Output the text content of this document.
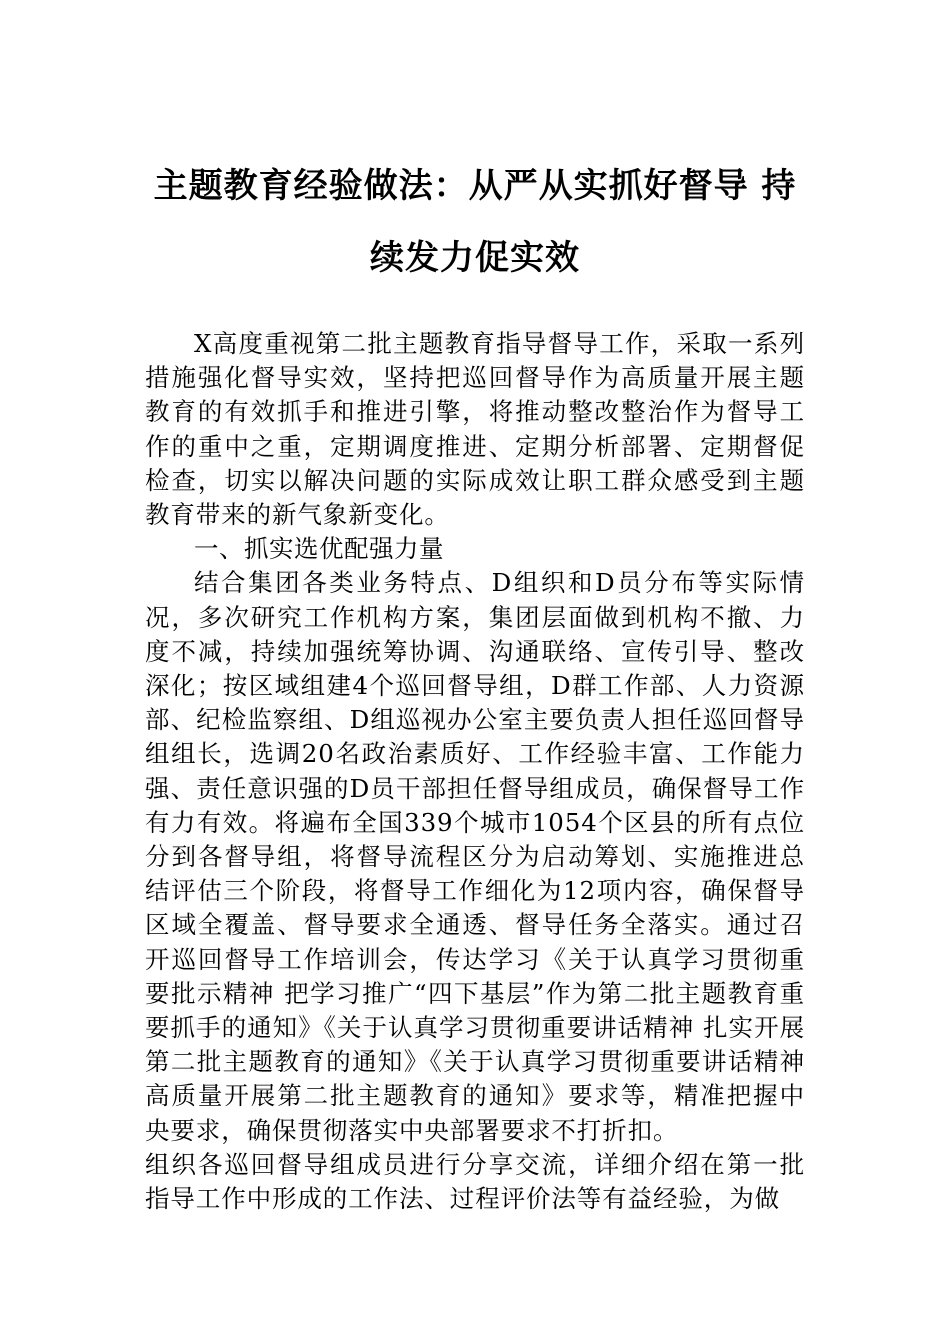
主题教育经验做法：从严从实抓好督导 持续发力促实效

X高度重视第二批主题教育指导督导工作，采取一系列措施强化督导实效，坚持把巡回督导作为高质量开展主题教育的有效抓手和推进引擎，将推动整改整治作为督导工作的重中之重，定期调度推进、定期分析部署、定期督促检查，切实以解决问题的实际成效让职工群众感受到主题教育带来的新气象新变化。

一、抓实选优配强力量

结合集团各类业务特点、D组织和D员分布等实际情况，多次研究工作机构方案，集团层面做到机构不撤、力度不减，持续加强统筹协调、沟通联络、宣传引导、整改深化；按区域组建4个巡回督导组，D群工作部、人力资源部、纪检监察组、D组巡视办公室主要负责人担任巡回督导组组长，选调20名政治素质好、工作经验丰富、工作能力强、责任意识强的D员干部担任督导组成员，确保督导工作有力有效。将遍布全国339个城市1054个区县的所有点位分到各督导组，将督导流程区分为启动筹划、实施推进总结评估三个阶段，将督导工作细化为12项内容，确保督导区域全覆盖、督导要求全通透、督导任务全落实。通过召开巡回督导工作培训会，传达学习《关于认真学习贯彻重要批示精神 把学习推广“四下基层”作为第二批主题教育重要抓手的通知》《关于认真学习贯彻重要讲话精神 扎实开展第二批主题教育的通知》《关于认真学习贯彻重要讲话精神 高质量开展第二批主题教育的通知》要求等，精准把握中央要求，确保贯彻落实中央部署要求不打折扣。

组织各巡回督导组成员进行分享交流，详细介绍在第一批指导工作中形成的工作法、过程评价法等有益经验，为做
